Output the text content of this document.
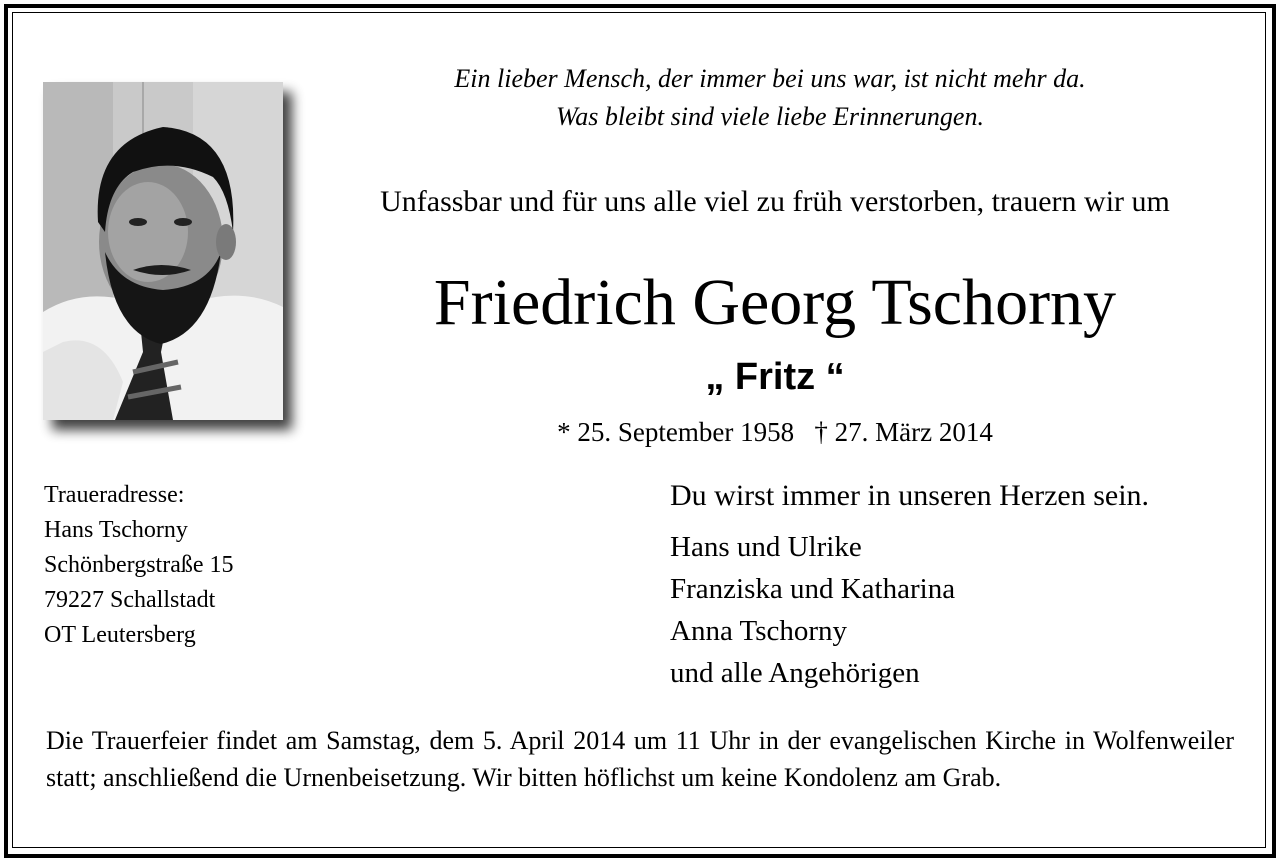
Ein lieber Mensch, der immer bei uns war, ist nicht mehr da.
Was bleibt sind viele liebe Erinnerungen.
Unfassbar und für uns alle viel zu früh verstorben, trauern wir um
Friedrich Georg Tschorny
„ Fritz “
* 25. September 1958   † 27. März 2014
Traueradresse:
Hans Tschorny
Schönbergstraße 15
79227 Schallstadt
OT Leutersberg
Du wirst immer in unseren Herzen sein.
Hans und Ulrike
Franziska und Katharina
Anna Tschorny
und alle Angehörigen
Die Trauerfeier findet am Samstag, dem 5. April 2014 um 11 Uhr in der evangelischen Kirche in Wolfenweiler statt; anschließend die Urnenbeisetzung. Wir bitten höflichst um keine Kondolenz am Grab.
